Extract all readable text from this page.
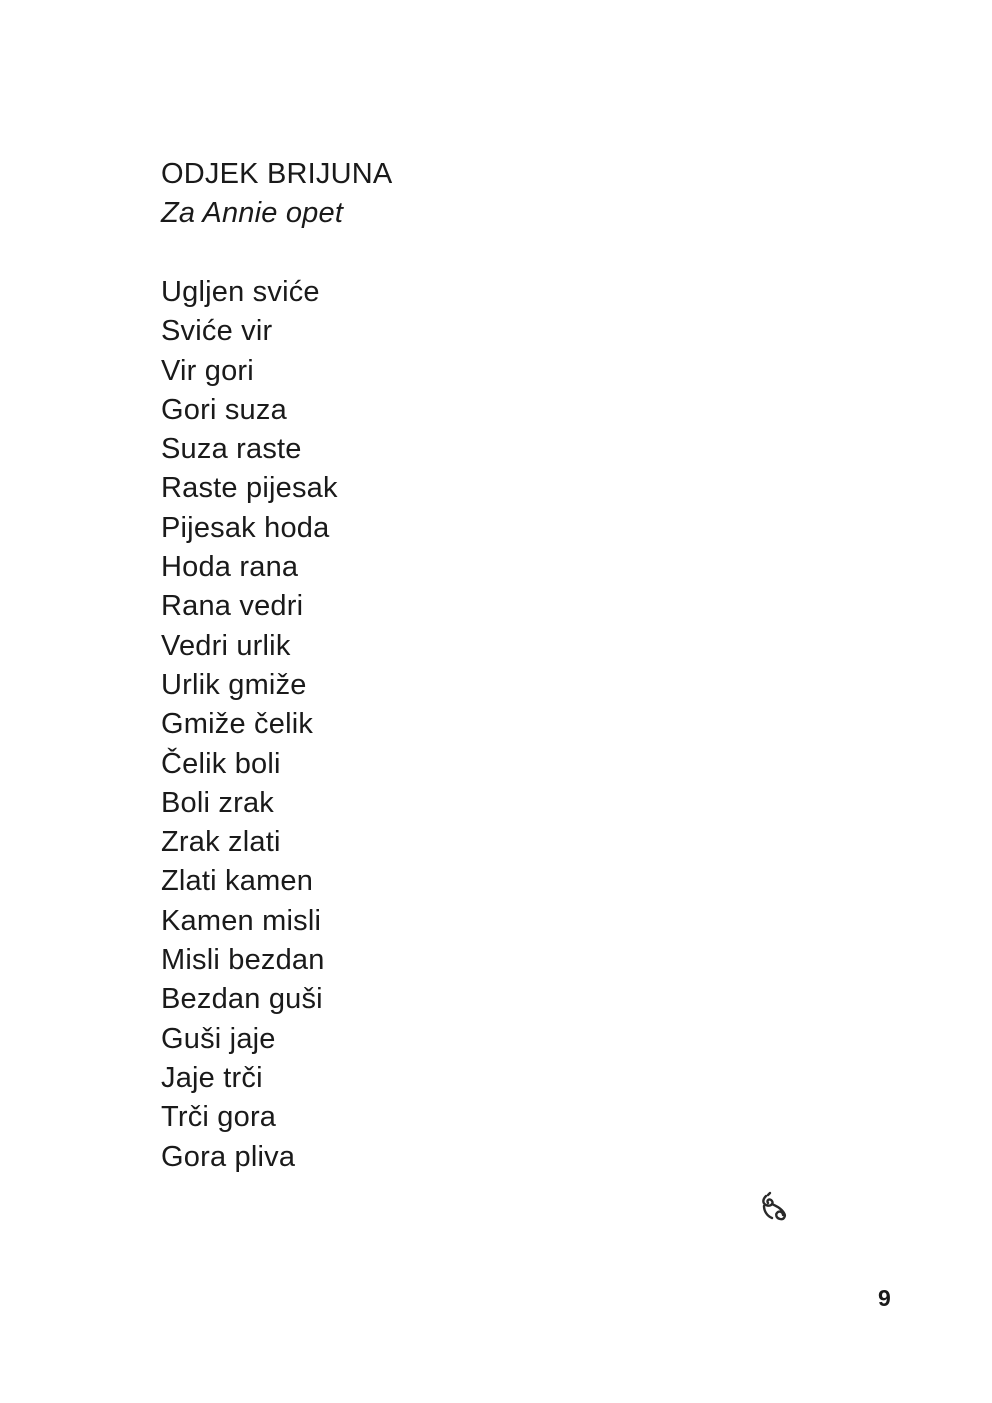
ODJEK BRIJUNA

Za Annie opet

Ugljen sviće
Sviće vir
Vir gori
Gori suza
Suza raste
Raste pijesak
Pijesak hoda
Hoda rana
Rana vedri
Vedri urlik
Urlik gmiže
Gmiže čelik
Čelik boli
Boli zrak
Zrak zlati
Zlati kamen
Kamen misli
Misli bezdan
Bezdan guši
Guši jaje
Jaje trči
Trči gora
Gora pliva
9
